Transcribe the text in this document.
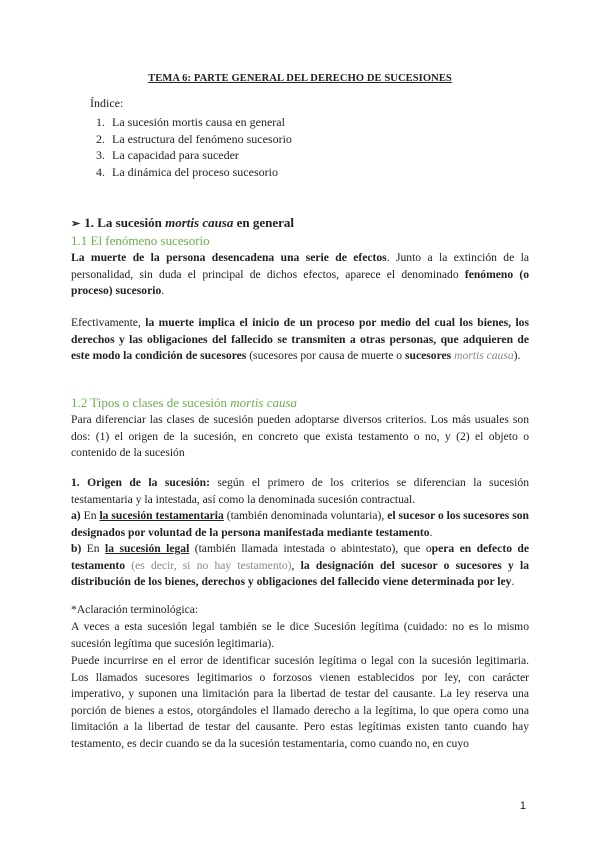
TEMA 6: PARTE GENERAL DEL DERECHO DE SUCESIONES
Índice:
1. La sucesión mortis causa en general
2. La estructura del fenómeno sucesorio
3. La capacidad para suceder
4. La dinámica del proceso sucesorio
➢ 1. La sucesión mortis causa en general
1.1 El fenómeno sucesorio
La muerte de la persona desencadena una serie de efectos. Junto a la extinción de la personalidad, sin duda el principal de dichos efectos, aparece el denominado fenómeno (o proceso) sucesorio.
Efectivamente, la muerte implica el inicio de un proceso por medio del cual los bienes, los derechos y las obligaciones del fallecido se transmiten a otras personas, que adquieren de este modo la condición de sucesores (sucesores por causa de muerte o sucesores mortis causa).
1.2 Tipos o clases de sucesión mortis causa
Para diferenciar las clases de sucesión pueden adoptarse diversos criterios. Los más usuales son dos: (1) el origen de la sucesión, en concreto que exista testamento o no, y (2) el objeto o contenido de la sucesión
1. Origen de la sucesión: según el primero de los criterios se diferencian la sucesión testamentaria y la intestada, así como la denominada sucesión contractual.
a) En la sucesión testamentaria (también denominada voluntaria), el sucesor o los sucesores son designados por voluntad de la persona manifestada mediante testamento.
b) En la sucesión legal (también llamada intestada o abintestato), que opera en defecto de testamento (es decir, si no hay testamento), la designación del sucesor o sucesores y la distribución de los bienes, derechos y obligaciones del fallecido viene determinada por ley.
*Aclaración terminológica:
A veces a esta sucesión legal también se le dice Sucesión legítima (cuidado: no es lo mismo sucesión legítima que sucesión legitimaria).
Puede incurrirse en el error de identificar sucesión legítima o legal con la sucesión legitimaria. Los llamados sucesores legitimarios o forzosos vienen establecidos por ley, con carácter imperativo, y suponen una limitación para la libertad de testar del causante. La ley reserva una porción de bienes a estos, otorgándoles el llamado derecho a la legítima, lo que opera como una limitación a la libertad de testar del causante. Pero estas legítimas existen tanto cuando hay testamento, es decir cuando se da la sucesión testamentaria, como cuando no, en cuyo
1
